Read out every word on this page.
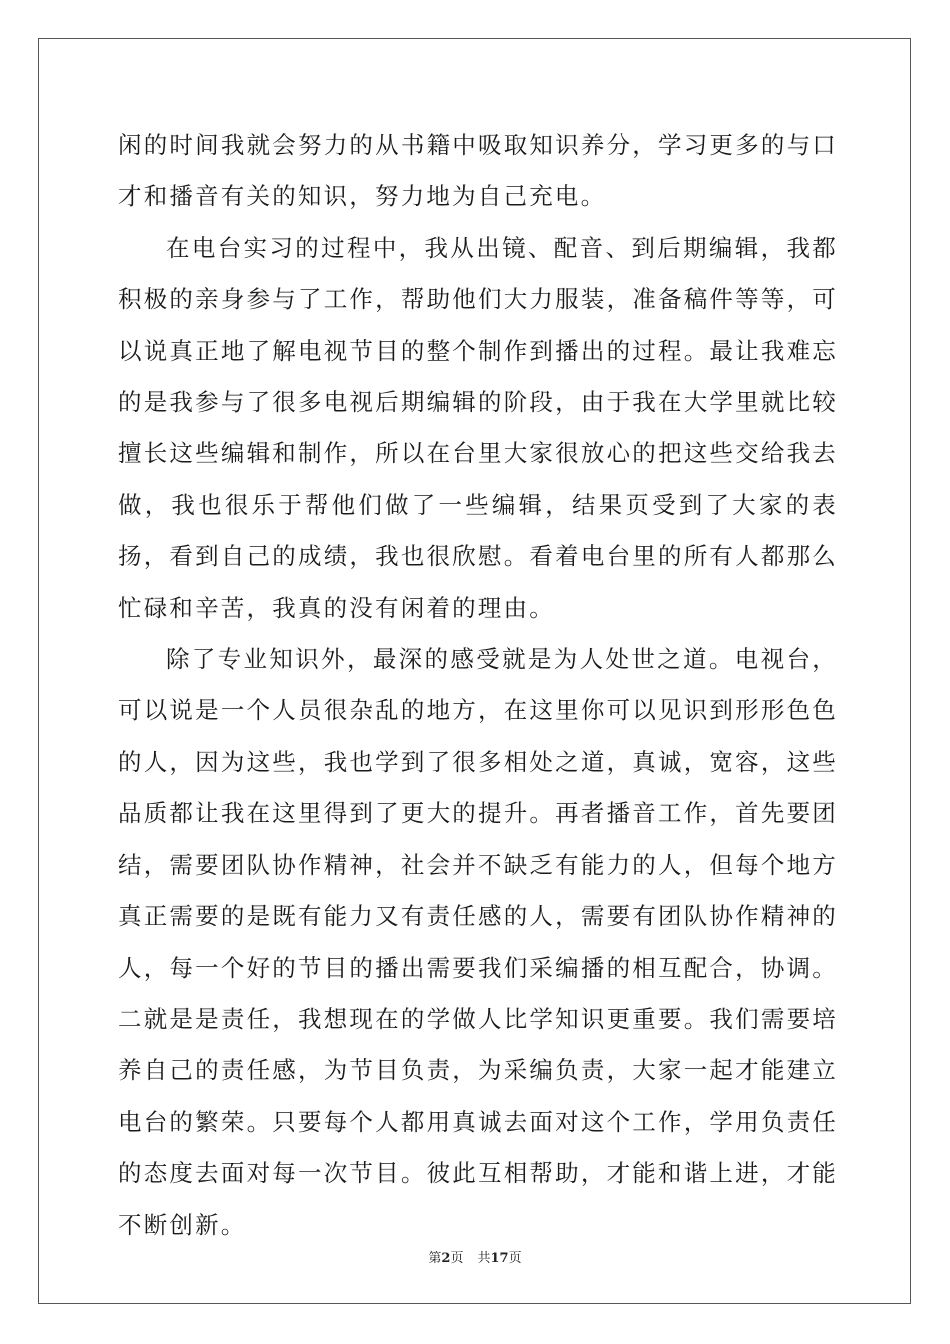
闲的时间我就会努力的从书籍中吸取知识养分，学习更多的与口才和播音有关的知识，努力地为自己充电。

在电台实习的过程中，我从出镜、配音、到后期编辑，我都积极的亲身参与了工作，帮助他们大力服装，准备稿件等等，可以说真正地了解电视节目的整个制作到播出的过程。最让我难忘的是我参与了很多电视后期编辑的阶段，由于我在大学里就比较擅长这些编辑和制作，所以在台里大家很放心的把这些交给我去做，我也很乐于帮他们做了一些编辑，结果页受到了大家的表扬，看到自己的成绩，我也很欣慰。看着电台里的所有人都那么忙碌和辛苦，我真的没有闲着的理由。

除了专业知识外，最深的感受就是为人处世之道。电视台，可以说是一个人员很杂乱的地方，在这里你可以见识到形形色色的人，因为这些，我也学到了很多相处之道，真诚，宽容，这些品质都让我在这里得到了更大的提升。再者播音工作，首先要团结，需要团队协作精神，社会并不缺乏有能力的人，但每个地方真正需要的是既有能力又有责任感的人，需要有团队协作精神的人，每一个好的节目的播出需要我们采编播的相互配合，协调。二就是是责任，我想现在的学做人比学知识更重要。我们需要培养自己的责任感，为节目负责，为采编负责，大家一起才能建立电台的繁荣。只要每个人都用真诚去面对这个工作，学用负责任的态度去面对每一次节目。彼此互相帮助，才能和谐上进，才能不断创新。

第2页 共17页
